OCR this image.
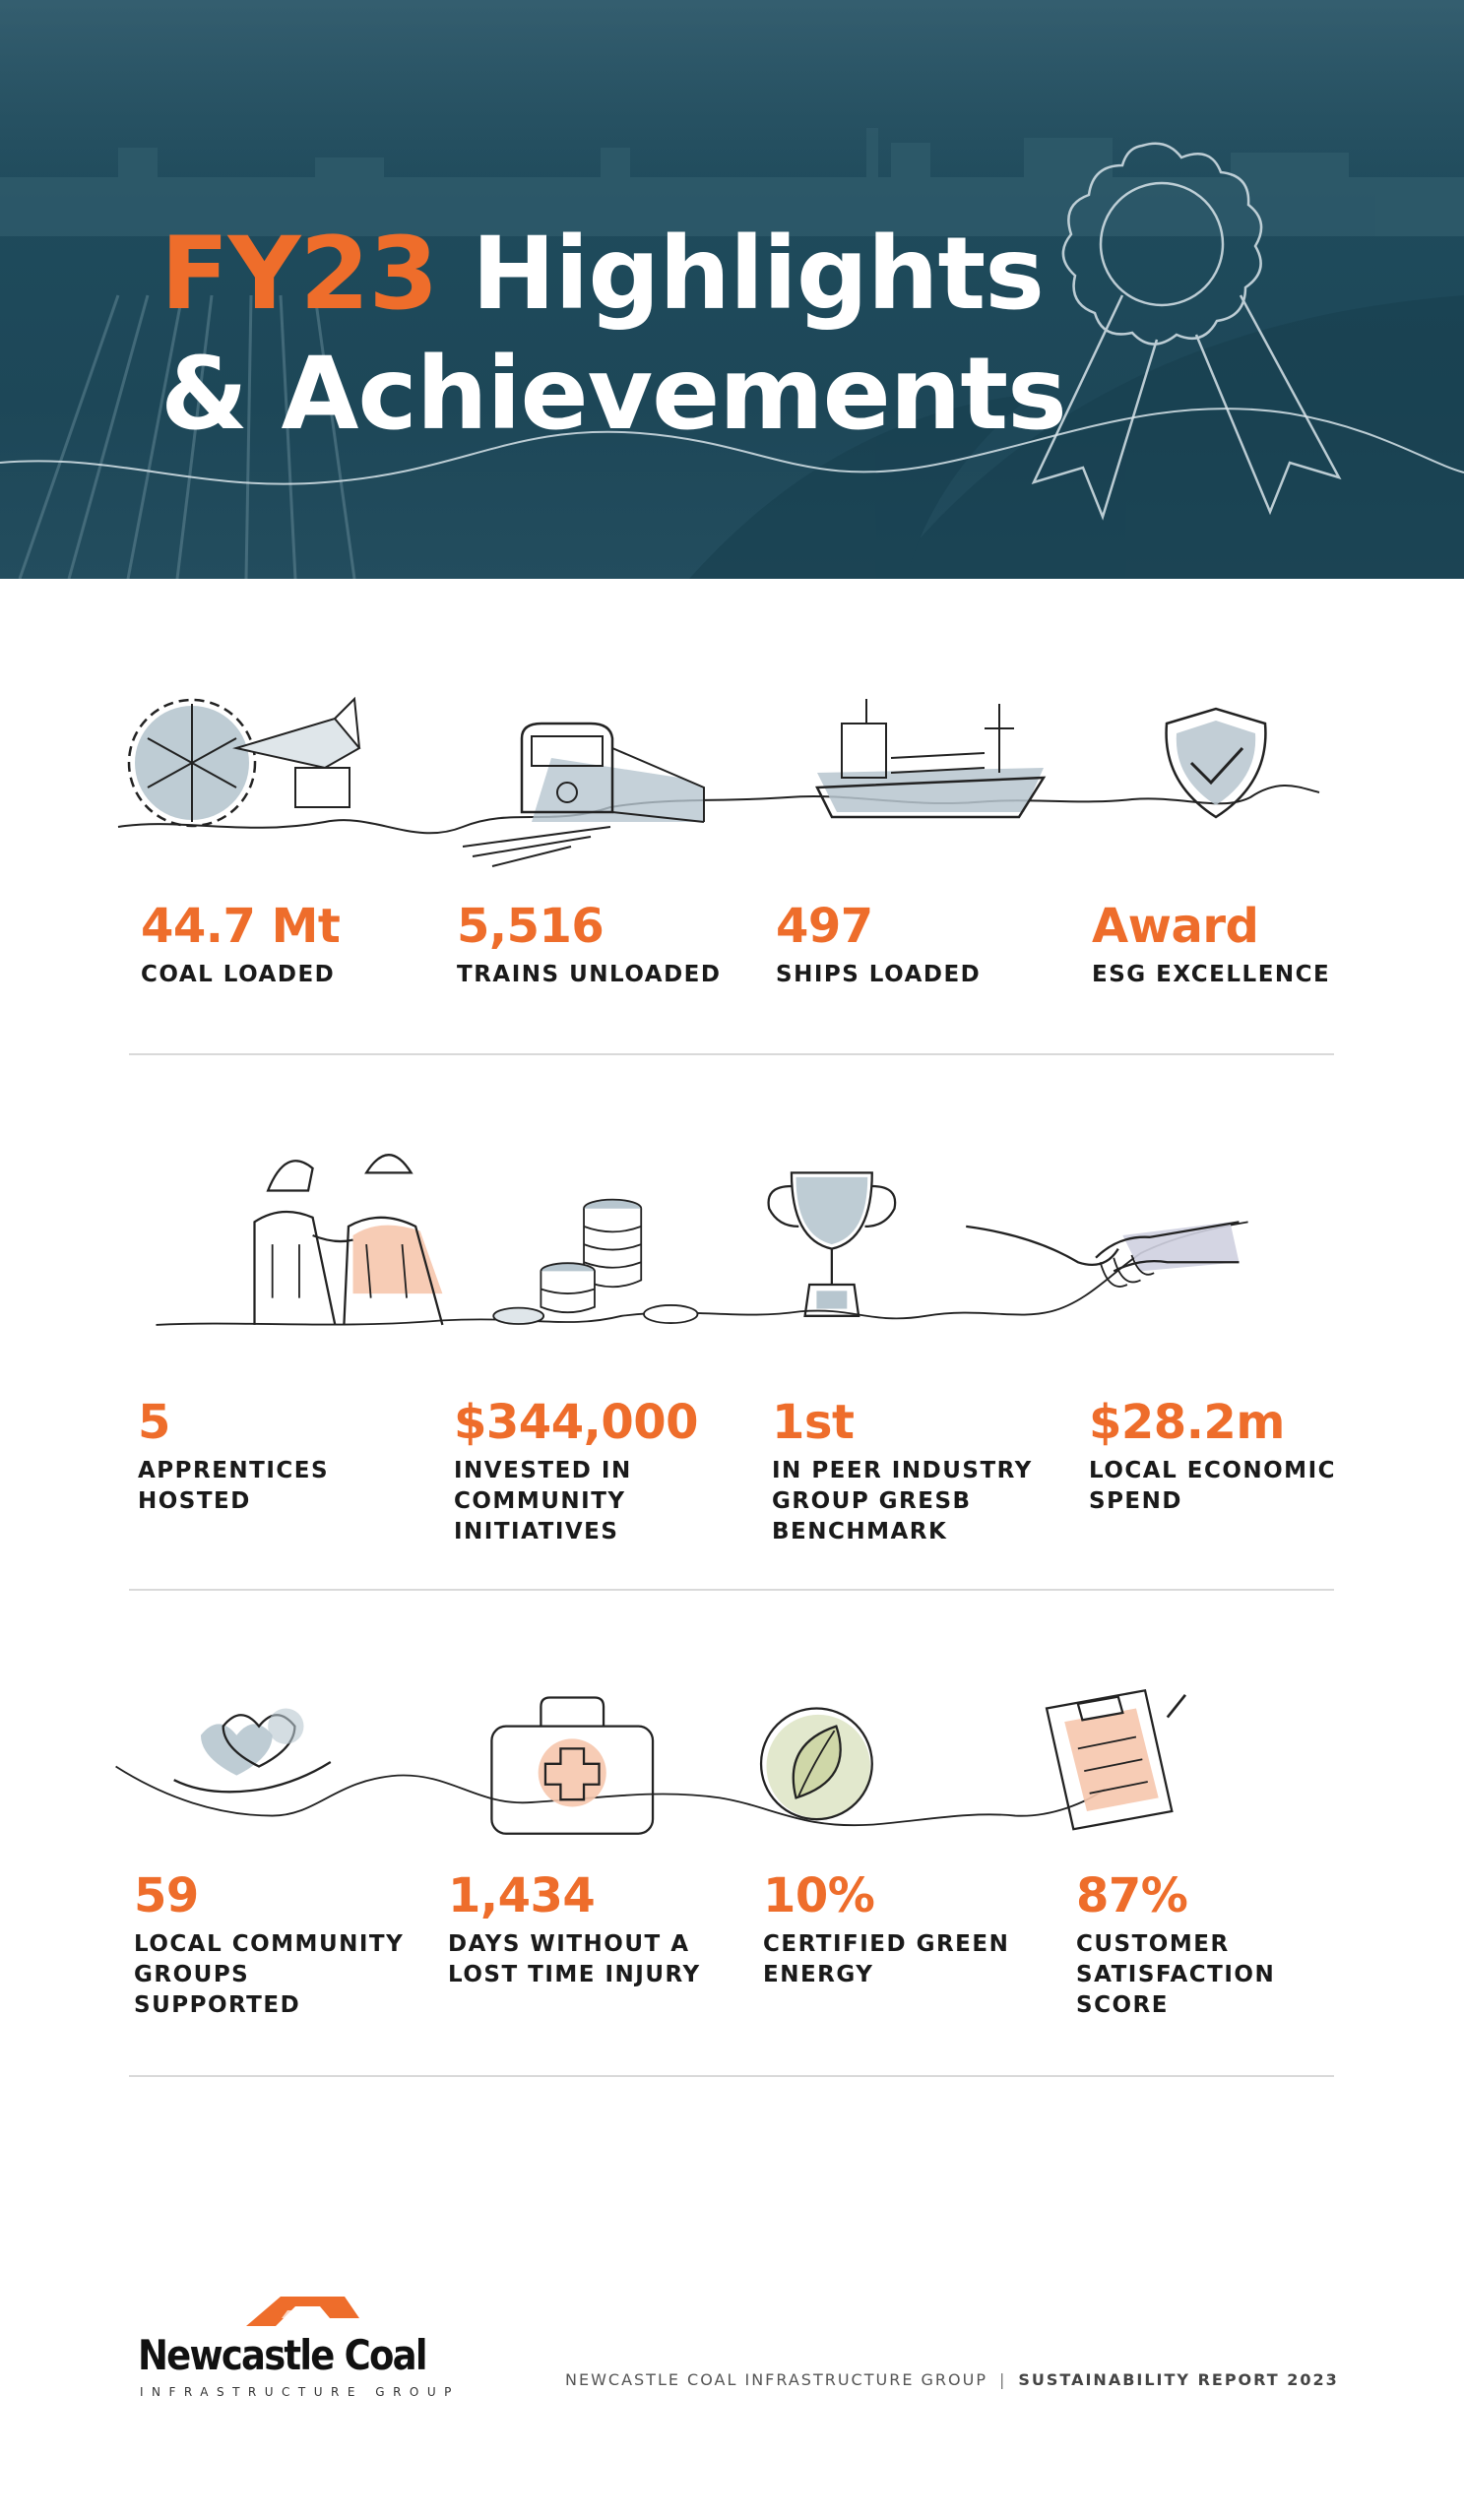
FY23 Highlights
& Achievements
44.7 Mt
COAL LOADED
5,516
TRAINS UNLOADED
497
SHIPS LOADED
Award
ESG EXCELLENCE
5
APPRENTICES
HOSTED
$344,000
INVESTED IN
COMMUNITY
INITIATIVES
1st
IN PEER INDUSTRY
GROUP GRESB
BENCHMARK
$28.2m
LOCAL ECONOMIC
SPEND
59
LOCAL COMMUNITY
GROUPS
SUPPORTED
1,434
DAYS WITHOUT A
LOST TIME INJURY
10%
CERTIFIED GREEN
ENERGY
87%
CUSTOMER
SATISFACTION
SCORE
Newcastle Coal
INFRASTRUCTURE GROUP
NEWCASTLE COAL INFRASTRUCTURE GROUP | SUSTAINABILITY REPORT 2023
